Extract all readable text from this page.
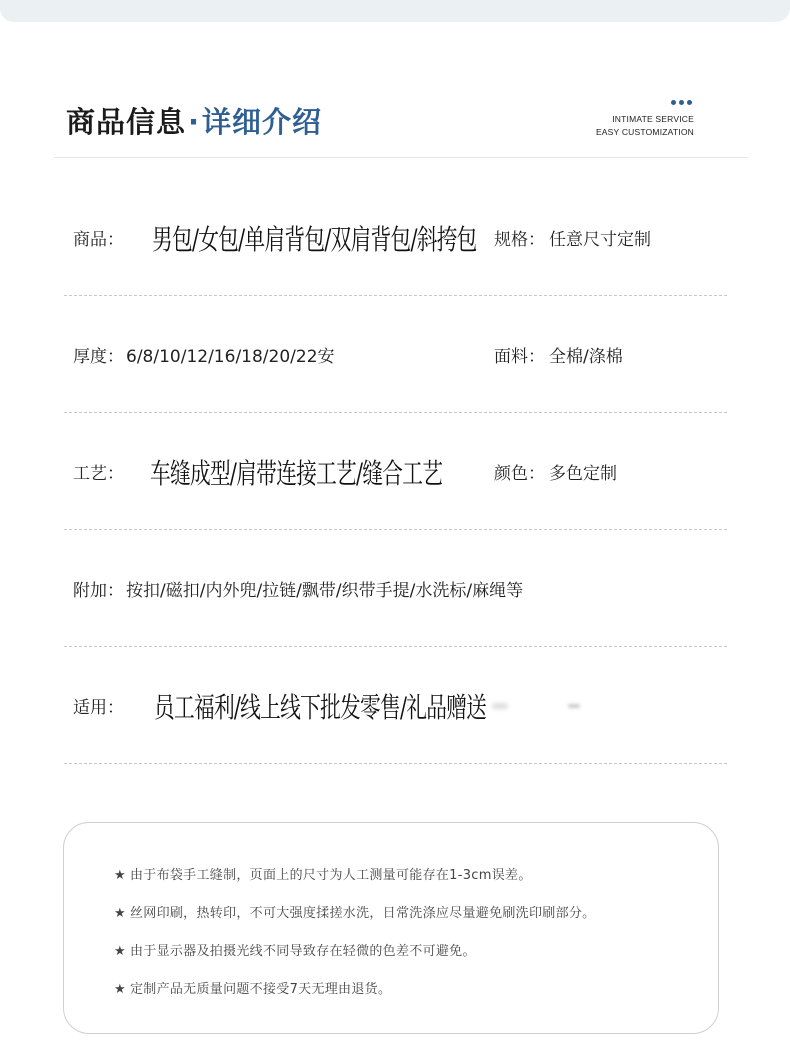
商品信息·详细介绍	INTIMATE SERVICE
EASY CUSTOMIZATION
商品： 男包/女包/单肩背包/双肩背包/斜挎包 规格： 任意尺寸定制
厚度： 6/8/10/12/16/18/20/22安	面料： 全棉/涤棉
工艺： 车缝成型/肩带连接工艺/缝合工艺	颜色： 多色定制
附加： 按扣/磁扣/内外兜/拉链/飘带/织带手提/水洗标/麻绳等
适用： 员工福利/线上线下批发零售/礼品赠送
★ 由于布袋手工缝制，页面上的尺寸为人工测量可能存在1-3cm误差。
★ 丝网印刷，热转印，不可大强度揉搓水洗，日常洗涤应尽量避免刷洗印刷部分。
★ 由于显示器及拍摄光线不同导致存在轻微的色差不可避免。
★ 定制产品无质量问题不接受7天无理由退货。
